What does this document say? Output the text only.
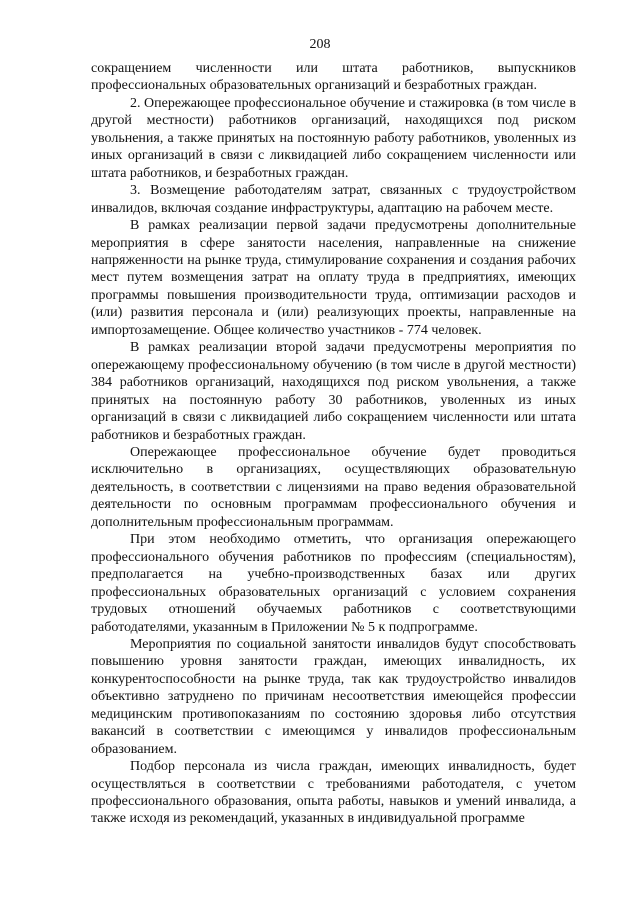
208

сокращением численности или штата работников, выпускников профессиональных образовательных организаций и безработных граждан.

2. Опережающее профессиональное обучение и стажировка (в том числе в другой местности) работников организаций, находящихся под риском увольнения, а также принятых на постоянную работу работников, уволенных из иных организаций в связи с ликвидацией либо сокращением численности или штата работников, и безработных граждан.

3. Возмещение работодателям затрат, связанных с трудоустройством инвалидов, включая создание инфраструктуры, адаптацию на рабочем месте.

В рамках реализации первой задачи предусмотрены дополнительные мероприятия в сфере занятости населения, направленные на снижение напряженности на рынке труда, стимулирование сохранения и создания рабочих мест путем возмещения затрат на оплату труда в предприятиях, имеющих программы повышения производительности труда, оптимизации расходов и (или) развития персонала и (или) реализующих проекты, направленные на импортозамещение. Общее количество участников - 774 человек.

В рамках реализации второй задачи предусмотрены мероприятия по опережающему профессиональному обучению (в том числе в другой местности) 384 работников организаций, находящихся под риском увольнения, а также принятых на постоянную работу 30 работников, уволенных из иных организаций в связи с ликвидацией либо сокращением численности или штата работников и безработных граждан.

Опережающее профессиональное обучение будет проводиться исключительно в организациях, осуществляющих образовательную деятельность, в соответствии с лицензиями на право ведения образовательной деятельности по основным программам профессионального обучения и дополнительным профессиональным программам.

При этом необходимо отметить, что организация опережающего профессионального обучения работников по профессиям (специальностям), предполагается на учебно-производственных базах или других профессиональных образовательных организаций с условием сохранения трудовых отношений обучаемых работников с соответствующими работодателями, указанным в Приложении № 5 к подпрограмме.

Мероприятия по социальной занятости инвалидов будут способствовать повышению уровня занятости граждан, имеющих инвалидность, их конкурентоспособности на рынке труда, так как трудоустройство инвалидов объективно затруднено по причинам несоответствия имеющейся профессии медицинским противопоказаниям по состоянию здоровья либо отсутствия вакансий в соответствии с имеющимся у инвалидов профессиональным образованием.

Подбор персонала из числа граждан, имеющих инвалидность, будет осуществляться в соответствии с требованиями работодателя, с учетом профессионального образования, опыта работы, навыков и умений инвалида, а также исходя из рекомендаций, указанных в индивидуальной программе
